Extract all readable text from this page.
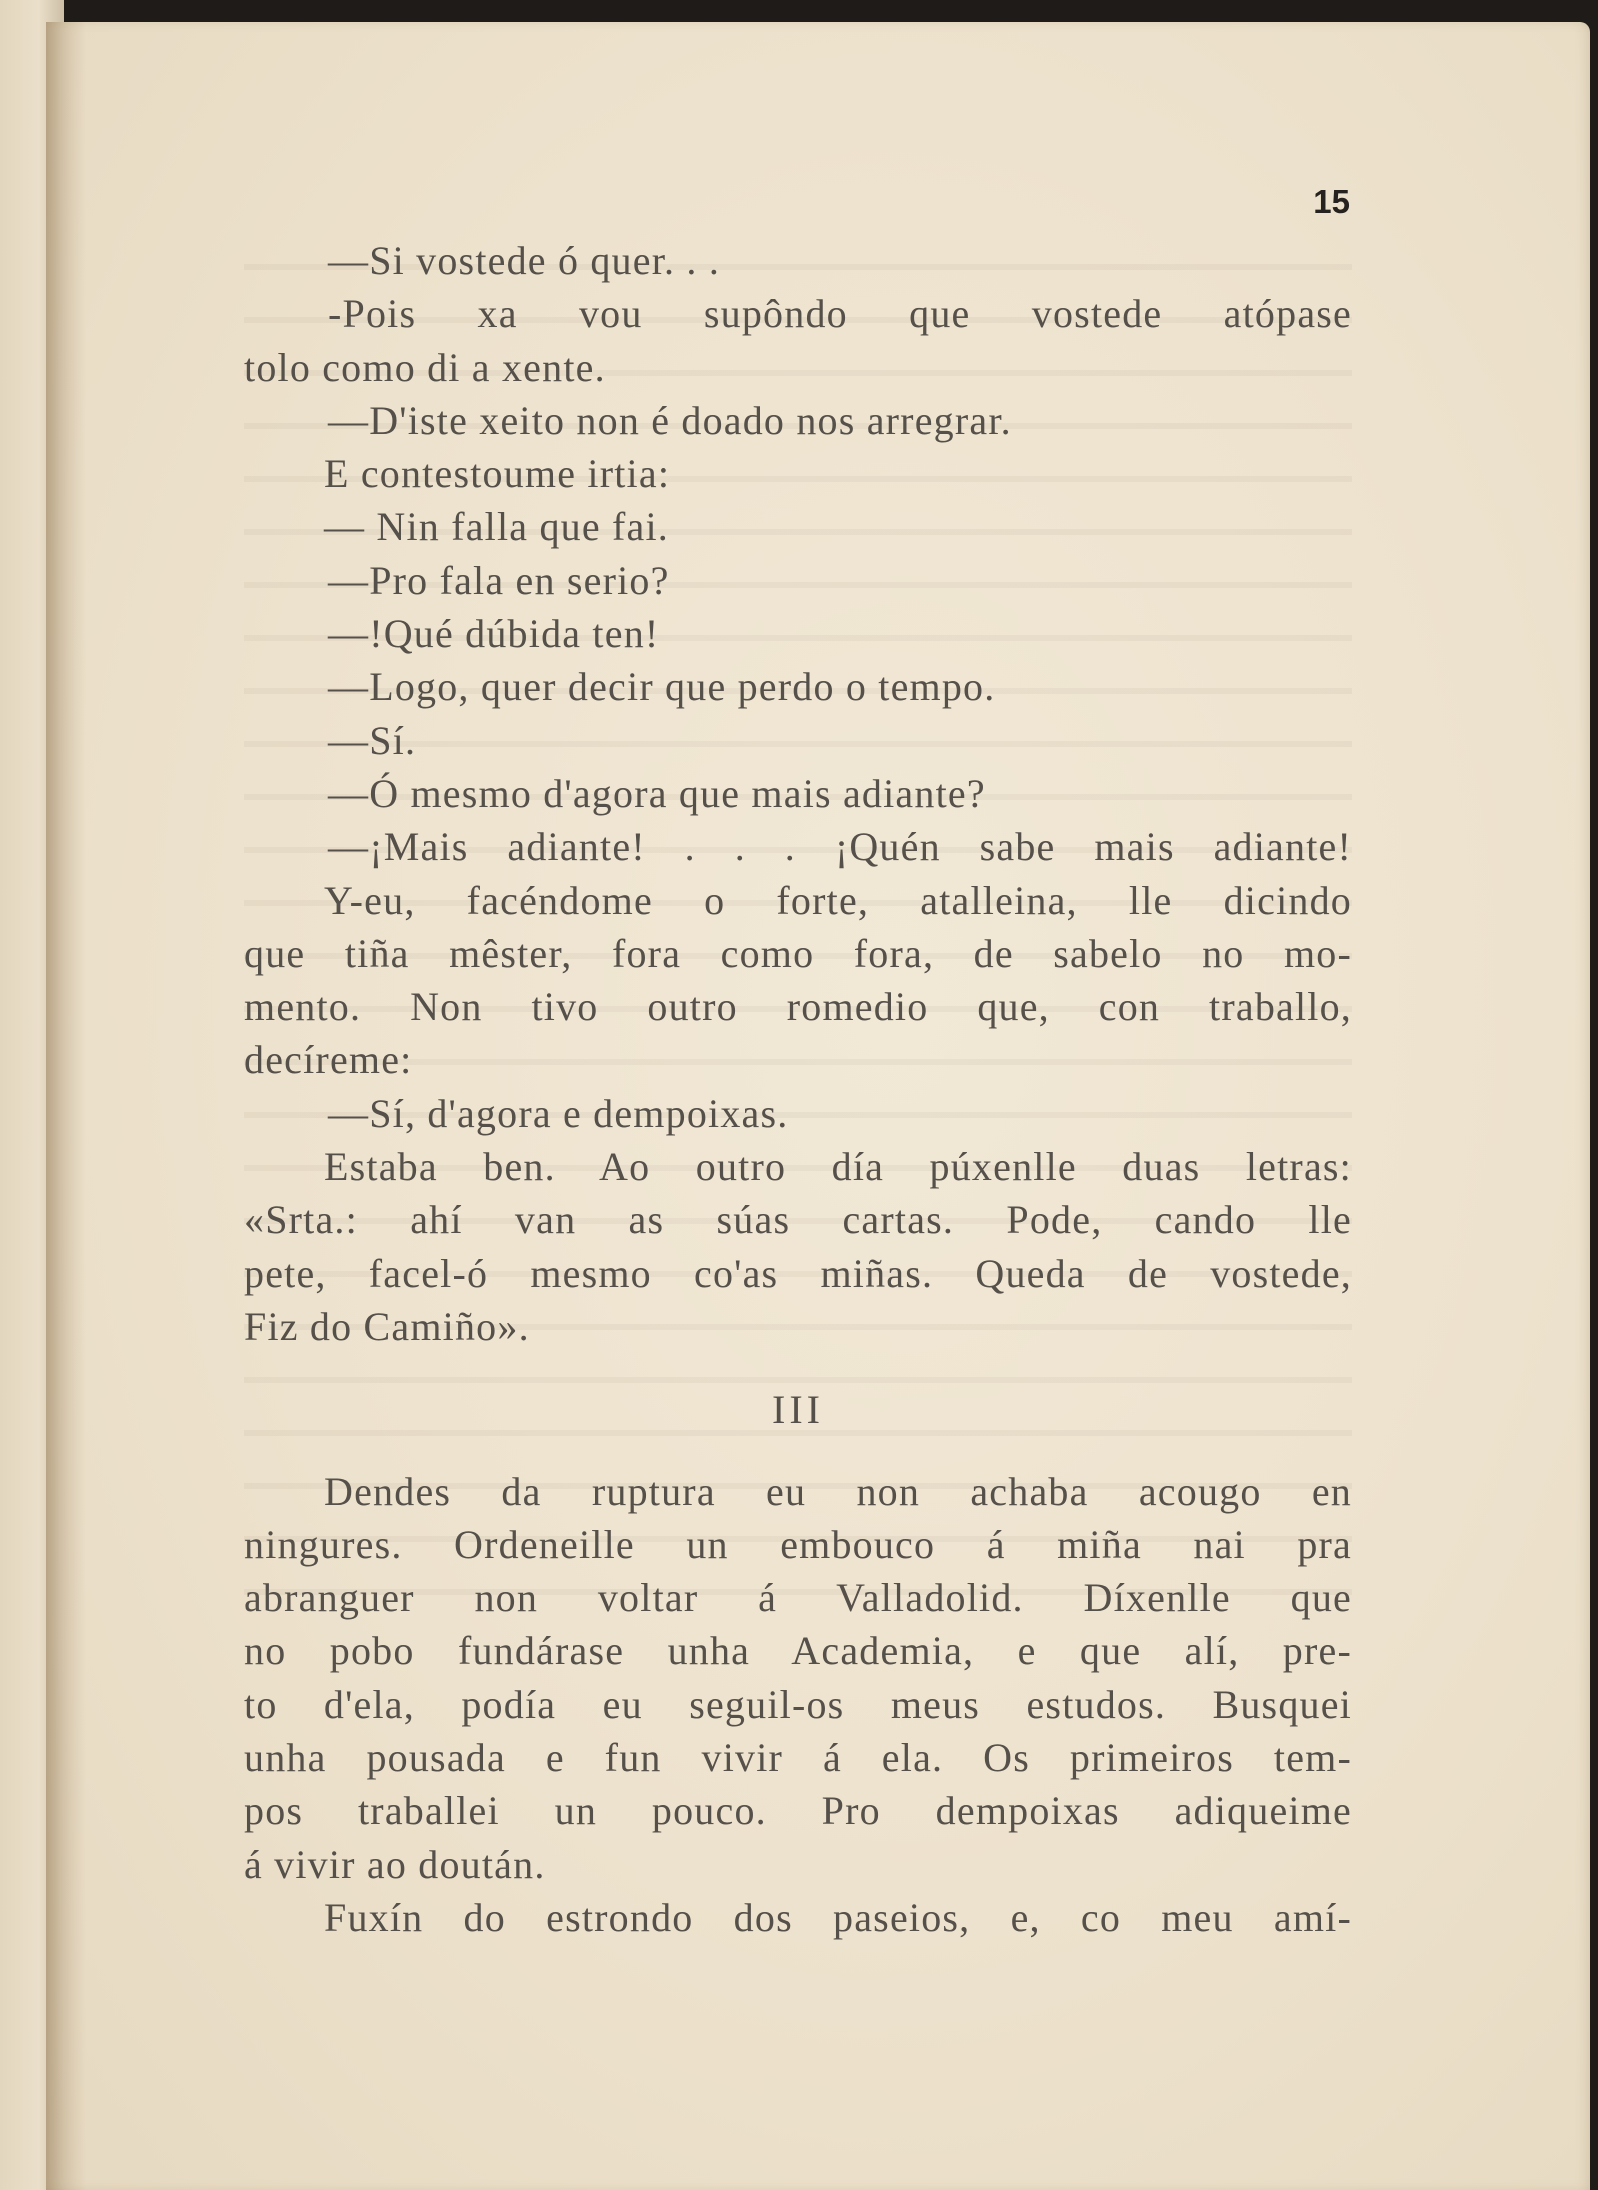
15
—Si vostede ó quer. . .
-Pois xa vou supôndo que vostede atópase
tolo como di a xente.
—D'iste xeito non é doado nos arregrar.
E contestoume irtia:
— Nin falla que fai.
—Pro fala en serio?
—!Qué dúbida ten!
—Logo, quer decir que perdo o tempo.
—Sí.
—Ó mesmo d'agora que mais adiante?
—¡Mais adiante! . . . ¡Quén sabe mais adiante!
Y-eu, facéndome o forte, atalleina, lle dicindo
que tiña mêster, fora como fora, de sabelo no mo-
mento. Non tivo outro romedio que, con traballo,
decíreme:
—Sí, d'agora e dempoixas.
Estaba ben. Ao outro día púxenlle duas letras:
«Srta.: ahí van as súas cartas. Pode, cando lle
pete, facel-ó mesmo co'as miñas. Queda de vostede,
Fiz do Camiño».
III
Dendes da ruptura eu non achaba acougo en
ningures. Ordeneille un embouco á miña nai pra
abranguer non voltar á Valladolid. Díxenlle que
no pobo fundárase unha Academia, e que alí, pre-
to d'ela, podía eu seguil-os meus estudos. Busquei
unha pousada e fun vivir á ela. Os primeiros tem-
pos traballei un pouco. Pro dempoixas adiqueime
á vivir ao doután.
Fuxín do estrondo dos paseios, e, co meu amí-
